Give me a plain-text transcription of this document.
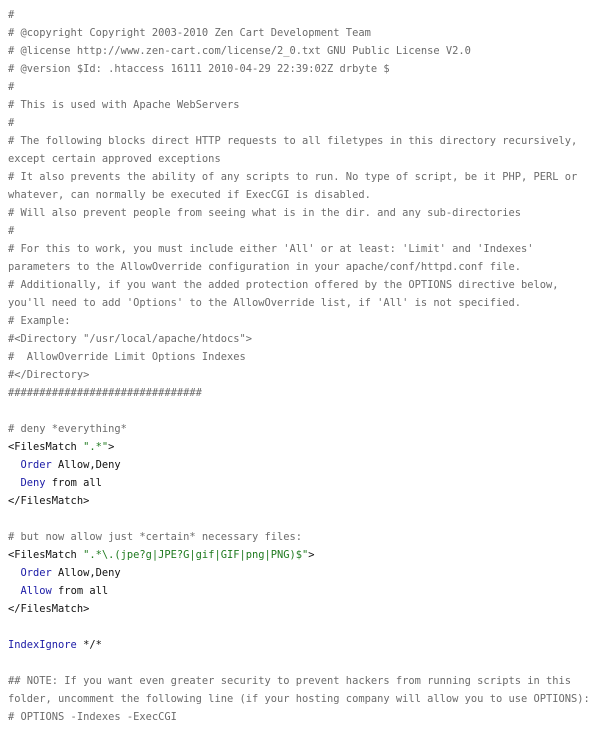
#
# @copyright Copyright 2003-2010 Zen Cart Development Team
# @license http://www.zen-cart.com/license/2_0.txt GNU Public License V2.0
# @version $Id: .htaccess 16111 2010-04-29 22:39:02Z drbyte $
#
# This is used with Apache WebServers
#
# The following blocks direct HTTP requests to all filetypes in this directory recursively, except certain approved exceptions
# It also prevents the ability of any scripts to run. No type of script, be it PHP, PERL or whatever, can normally be executed if ExecCGI is disabled.
# Will also prevent people from seeing what is in the dir. and any sub-directories
#
# For this to work, you must include either 'All' or at least: 'Limit' and 'Indexes' parameters to the AllowOverride configuration in your apache/conf/httpd.conf file.
# Additionally, if you want the added protection offered by the OPTIONS directive below, you'll need to add 'Options' to the AllowOverride list, if 'All' is not specified.
# Example:
#<Directory "/usr/local/apache/htdocs">
#  AllowOverride Limit Options Indexes
#</Directory>
###############################
# deny *everything*
<FilesMatch ".*">
Order Allow,Deny
Deny from all
</FilesMatch>
# but now allow just *certain* necessary files:
<FilesMatch ".*\.(jpe?g|JPE?G|gif|GIF|png|PNG)$">
Order Allow,Deny
Allow from all
</FilesMatch>
IndexIgnore */*
## NOTE: If you want even greater security to prevent hackers from running scripts in this folder, uncomment the following line (if your hosting company will allow you to use OPTIONS):
# OPTIONS -Indexes -ExecCGI
